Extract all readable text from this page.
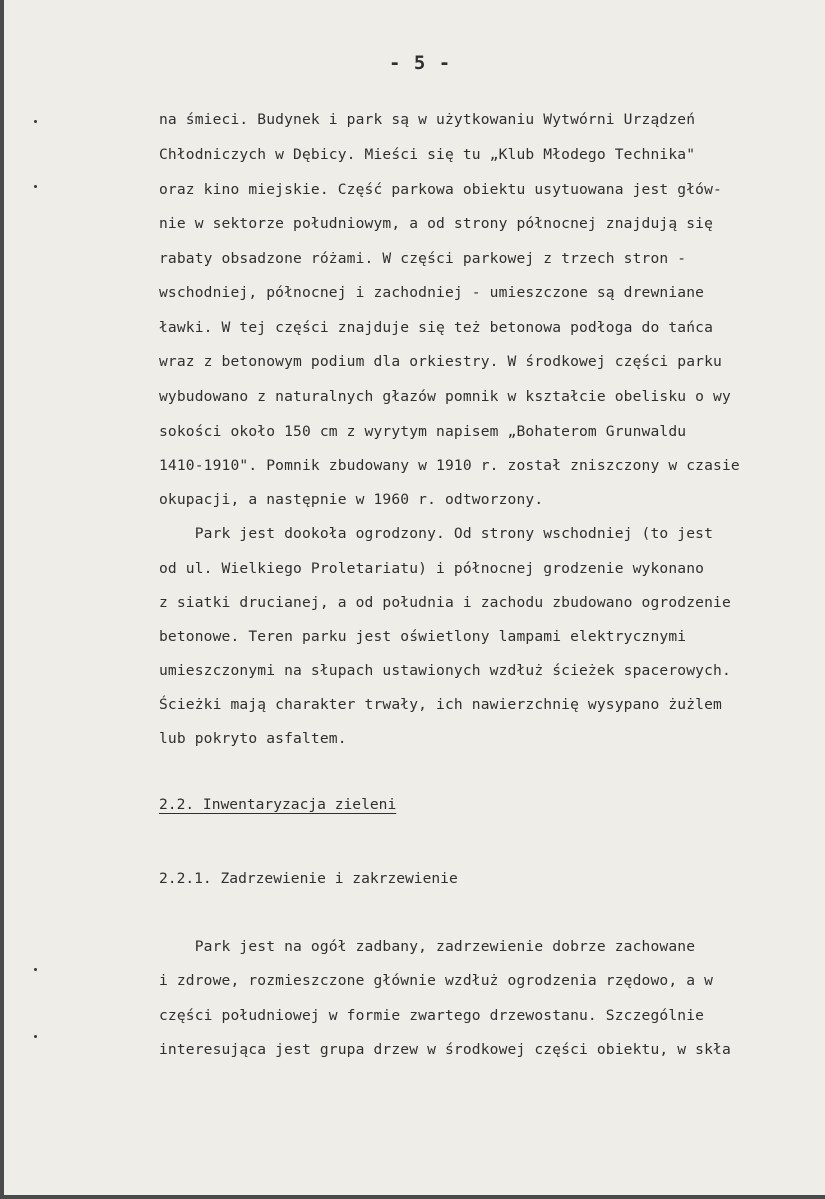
- 5 -
na śmieci. Budynek i park są w użytkowaniu Wytwórni Urządzeń
Chłodniczych w Dębicy. Mieści się tu „Klub Młodego Technika"
oraz kino miejskie. Część parkowa obiektu usytuowana jest głów-
nie w sektorze południowym, a od strony północnej znajdują się
rabaty obsadzone różami. W części parkowej z trzech stron -
wschodniej, północnej i zachodniej - umieszczone są drewniane
ławki. W tej części znajduje się też betonowa podłoga do tańca
wraz z betonowym podium dla orkiestry. W środkowej części parku
wybudowano z naturalnych głazów pomnik w kształcie obelisku o wy
sokości około 150 cm z wyrytym napisem „Bohaterom Grunwaldu
1410-1910". Pomnik zbudowany w 1910 r. został zniszczony w czasie
okupacji, a następnie w 1960 r. odtworzony.
Park jest dookoła ogrodzony. Od strony wschodniej (to jest
od ul. Wielkiego Proletariatu) i północnej grodzenie wykonano
z siatki drucianej, a od południa i zachodu zbudowano ogrodzenie
betonowe. Teren parku jest oświetlony lampami elektrycznymi
umieszczonymi na słupach ustawionych wzdłuż ścieżek spacerowych.
Ścieżki mają charakter trwały, ich nawierzchnię wysypano żużlem
lub pokryto asfaltem.
2.2. Inwentaryzacja zieleni
2.2.1. Zadrzewienie i zakrzewienie
Park jest na ogół zadbany, zadrzewienie dobrze zachowane
i zdrowe, rozmieszczone głównie wzdłuż ogrodzenia rzędowo, a w
części południowej w formie zwartego drzewostanu. Szczególnie
interesująca jest grupa drzew w środkowej części obiektu, w skła
